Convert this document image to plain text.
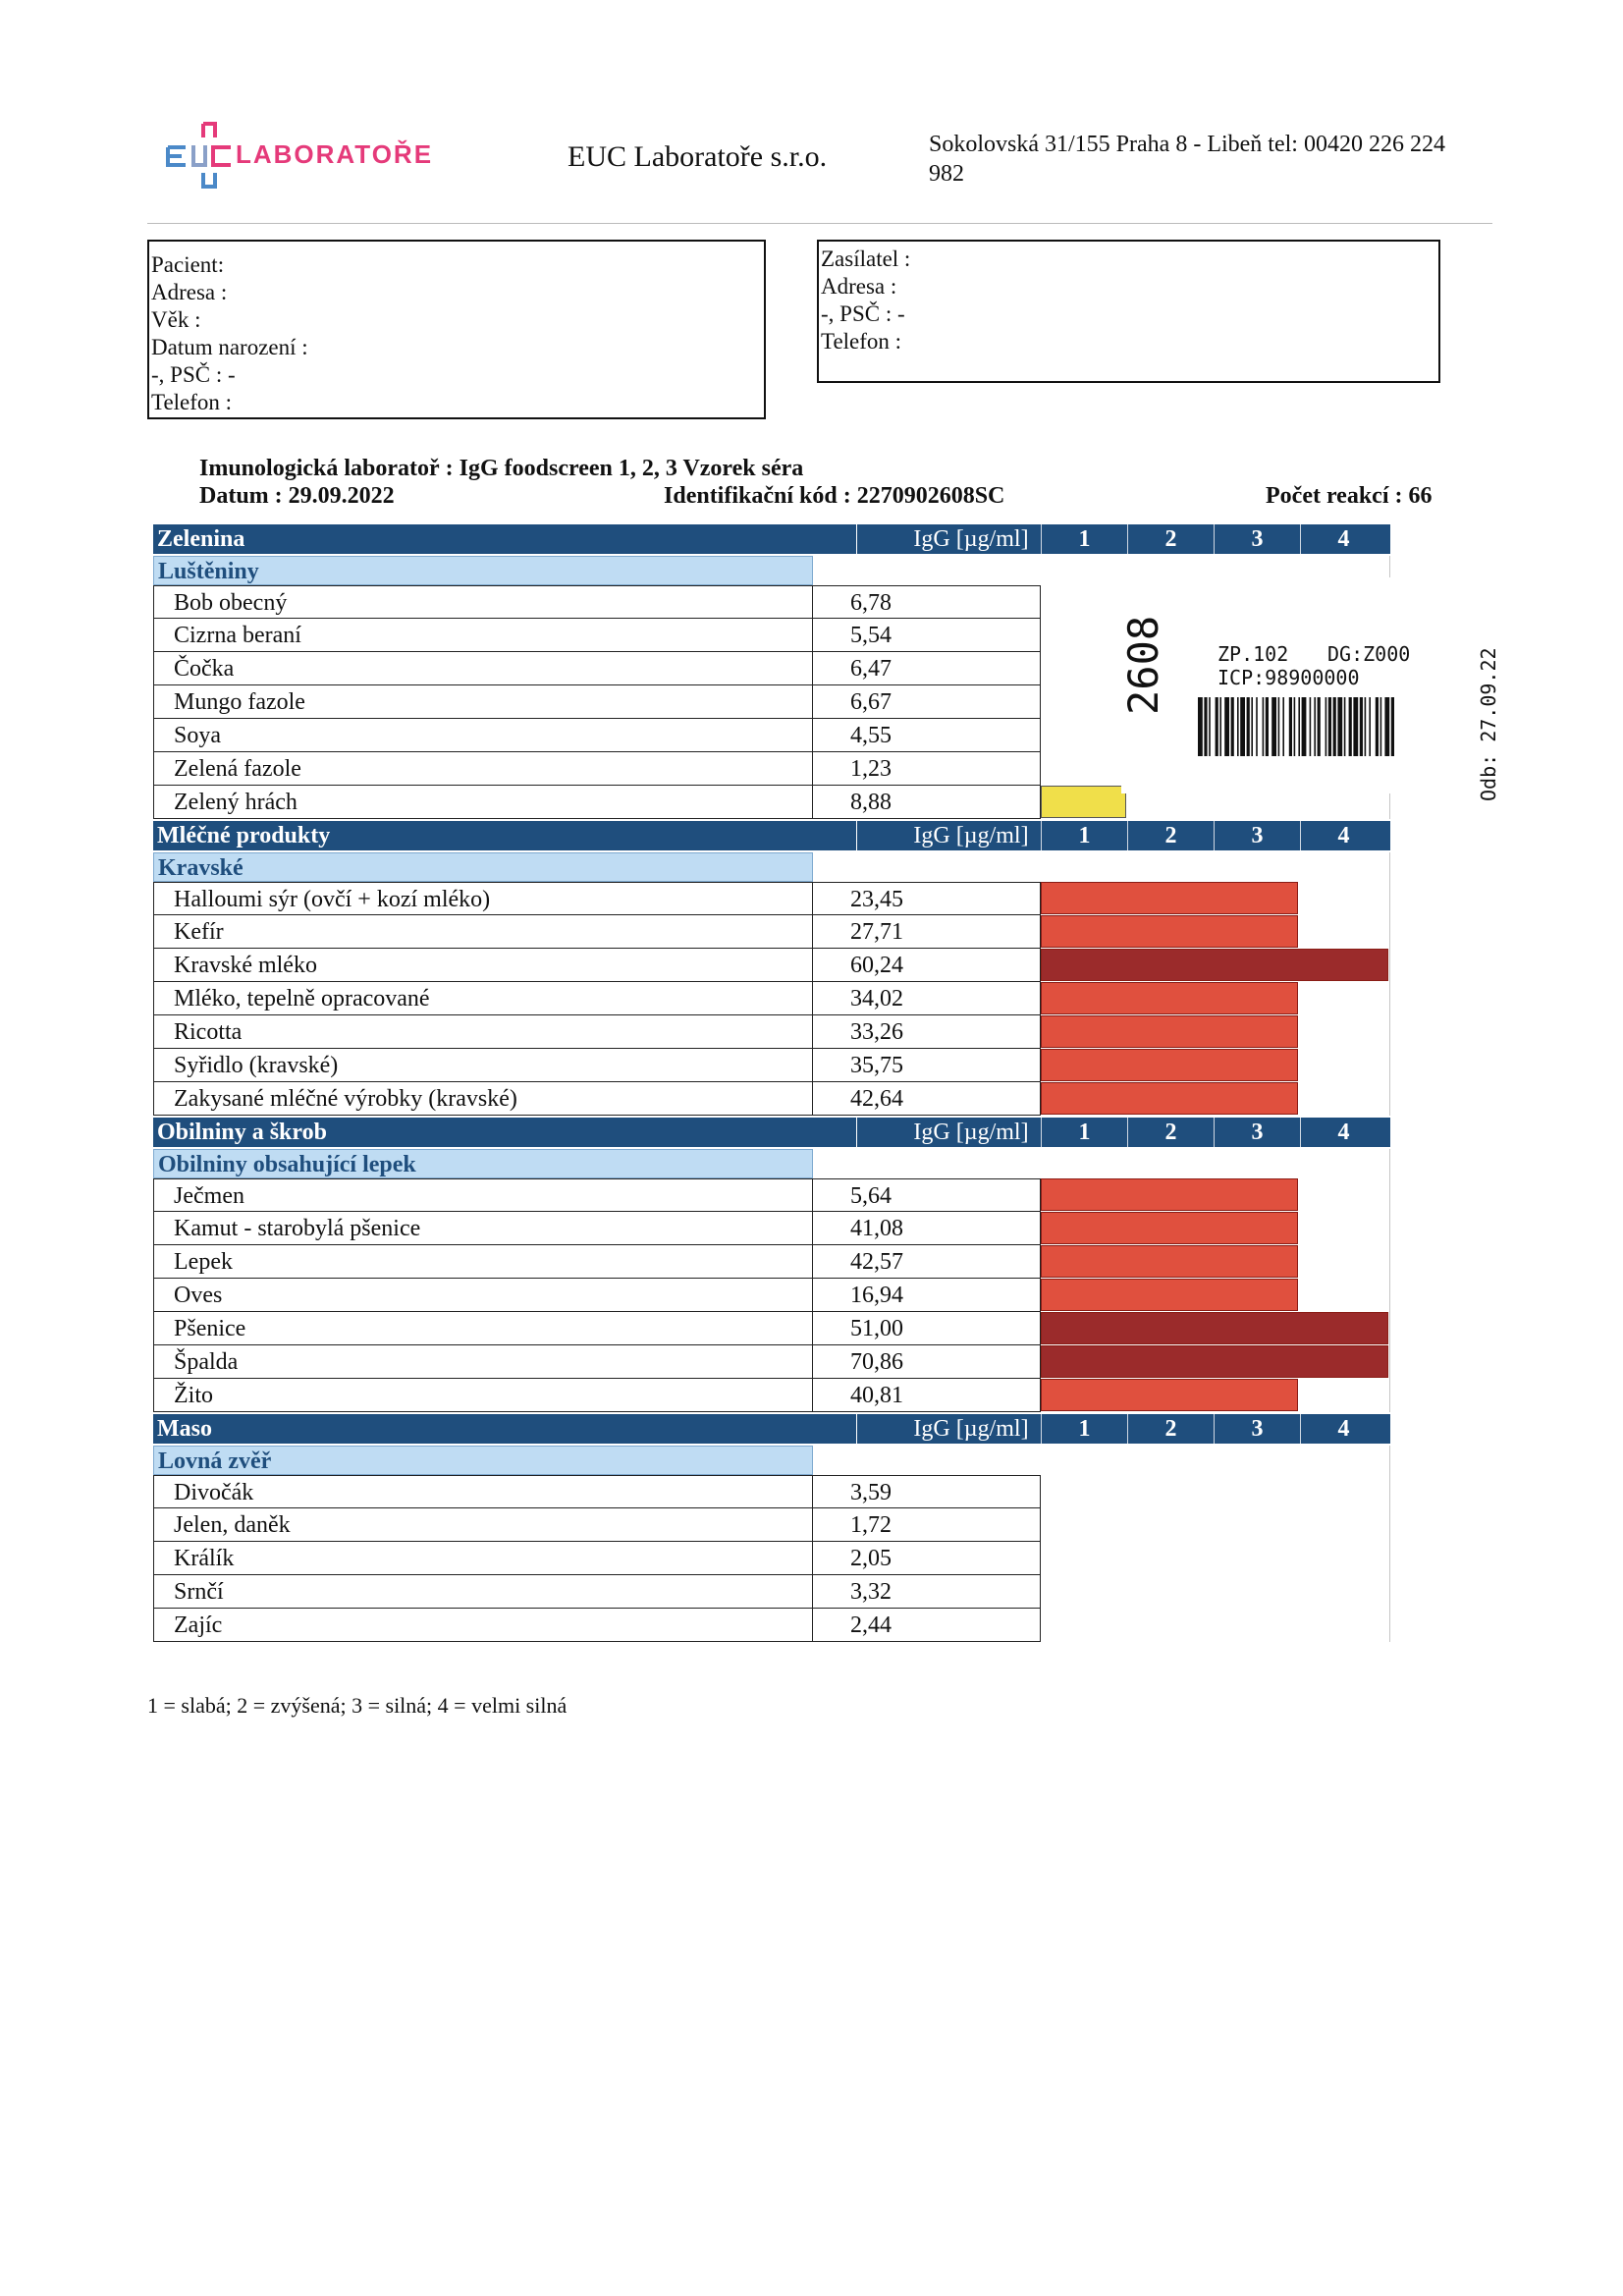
LABORATOŘE	EUC Laboratoře s.r.o.	Sokolovská 31/155 Praha 8 - Libeň tel: 00420 226 224
982
Pacient:
Adresa :
Věk :
Datum narození :
-, PSČ : -
Telefon :
Zasílatel :
Adresa :
-, PSČ : -
Telefon :
Imunologická laboratoř : IgG foodscreen 1, 2, 3 Vzorek séra
Datum : 29.09.2022	Identifikační kód : 2270902608SC	Počet reakcí : 66
Zelenina	IgG [µg/ml]	1	2	3	4
Luštěniny
Bob obecný	6,78
Cizrna beraní	5,54
Čočka	6,47
Mungo fazole	6,67
Soya	4,55
Zelená fazole	1,23
Zelený hrách	8,88
Mléčné produkty	IgG [µg/ml]	1	2	3	4
Kravské
Halloumi sýr (ovčí + kozí mléko)	23,45
Kefír	27,71
Kravské mléko	60,24
Mléko, tepelně opracované	34,02
Ricotta	33,26
Syřidlo (kravské)	35,75
Zakysané mléčné výrobky (kravské)	42,64
Obilniny a škrob	IgG [µg/ml]	1	2	3	4
Obilniny obsahující lepek
Ječmen	5,64
Kamut - starobylá pšenice	41,08
Lepek	42,57
Oves	16,94
Pšenice	51,00
Špalda	70,86
Žito	40,81
Maso	IgG [µg/ml]	1	2	3	4
Lovná zvěř
Divočák	3,59
Jelen, daněk	1,72
Králík	2,05
Srnčí	3,32
Zajíc	2,44
1 = slabá; 2 = zvýšená; 3 = silná; 4 = velmi silná
2608	ZP.102 DG:Z000
ICP:98900000	Odb: 27.09.22
